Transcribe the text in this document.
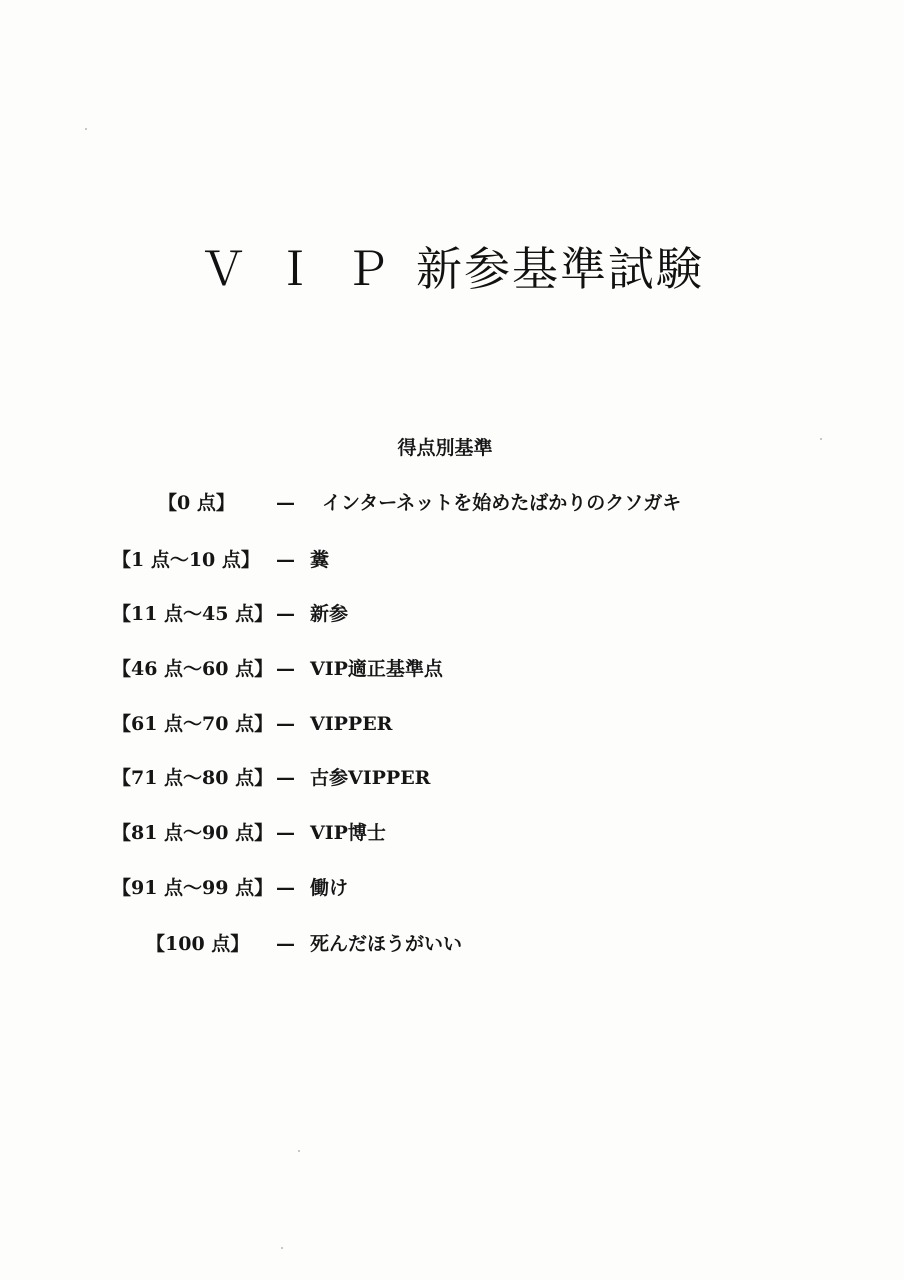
ＶＩＰ新参基準試験
得点別基準
【0 点】 — インターネットを始めたばかりのクソガキ
【1 点～10 点】 — 糞
【11 点～45 点】 — 新参
【46 点～60 点】 — VIP適正基準点
【61 点～70 点】 — VIPPER
【71 点～80 点】 — 古参VIPPER
【81 点～90 点】 — VIP博士
【91 点～99 点】 — 働け
【100 点】 — 死んだほうがいい
